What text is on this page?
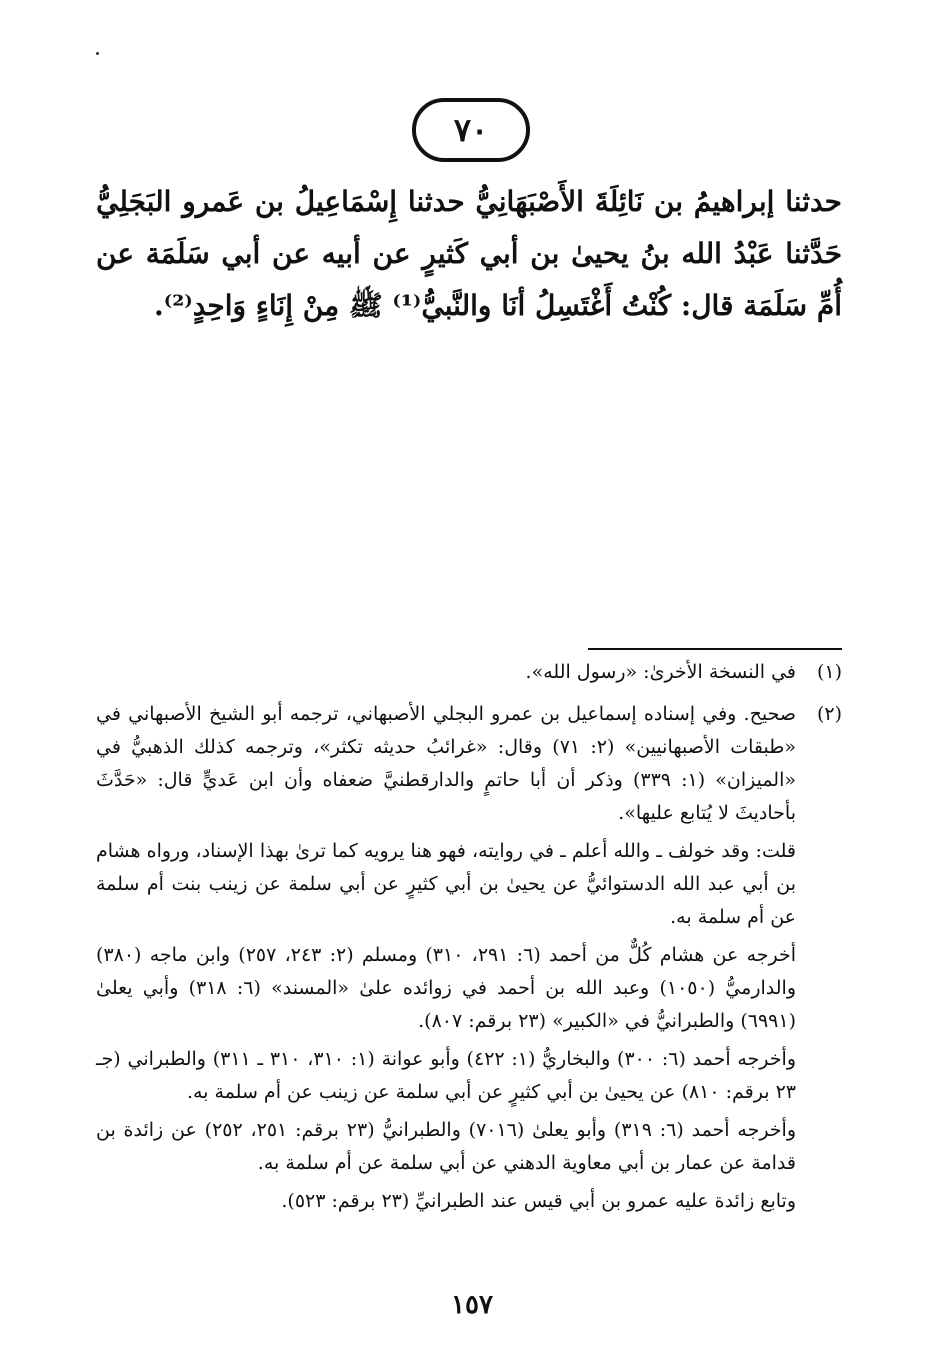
٧٠

حدثنا إبراهيمُ بن نَائِلَةَ الأَصْبَهَانِيُّ حدثنا إِسْمَاعِيلُ بن عَمرو البَجَلِيُّ حَدَّثنا عَبْدُ الله بنُ يحيىٰ بن أبي كَثيرٍ عن أبيه عن أبي سَلَمَة عن أُمِّ سَلَمَة قال: كُنْتُ أَغْتَسِلُ أنَا والنَّبيُّ⁽¹⁾ ﷺ مِنْ إِنَاءٍ وَاحِدٍ⁽²⁾.

(١)

في النسخة الأخرىٰ: «رسول الله».

(٢)

صحيح. وفي إسناده إسماعيل بن عمرو البجلي الأصبهاني، ترجمه أبو الشيخ الأصبهاني في «طبقات الأصبهانيين» (٢: ٧١) وقال: «غرائبُ حديثه تكثر»، وترجمه كذلك الذهبيُّ في «الميزان» (١: ٣٣٩) وذكر أن أبا حاتمٍ والدارقطنيَّ ضعفاه وأن ابن عَديٍّ قال: «حَدَّثَ بأحاديثَ لا يُتابع عليها».

قلت: وقد خولف ـ والله أعلم ـ في روايته، فهو هنا يرويه كما ترىٰ بهذا الإسناد، ورواه هشام بن أبي عبد الله الدستوائيُّ عن يحيىٰ بن أبي كثيرٍ عن أبي سلمة عن زينب بنت أم سلمة عن أم سلمة به.

أخرجه عن هشام كُلٌّ من أحمد (٦: ٢٩١، ٣١٠) ومسلم (٢: ٢٤٣، ٢٥٧) وابن ماجه (٣٨٠) والدارميُّ (١٠٥٠) وعبد الله بن أحمد في زوائده علىٰ «المسند» (٦: ٣١٨) وأبي يعلىٰ (٦٩٩١) والطبرانيُّ في «الكبير» (٢٣ برقم: ٨٠٧).

وأخرجه أحمد (٦: ٣٠٠) والبخاريُّ (١: ٤٢٢) وأبو عوانة (١: ٣١٠، ٣١٠ ـ ٣١١) والطبراني (جـ ٢٣ برقم: ٨١٠) عن يحيىٰ بن أبي كثيرٍ عن أبي سلمة عن زينب عن أم سلمة به.

وأخرجه أحمد (٦: ٣١٩) وأبو يعلىٰ (٧٠١٦) والطبرانيُّ (٢٣ برقم: ٢٥١، ٢٥٢) عن زائدة بن قدامة عن عمار بن أبي معاوية الدهني عن أبي سلمة عن أم سلمة به.

وتابع زائدة عليه عمرو بن أبي قيس عند الطبرانيِّ (٢٣ برقم: ٥٢٣).

١٥٧
